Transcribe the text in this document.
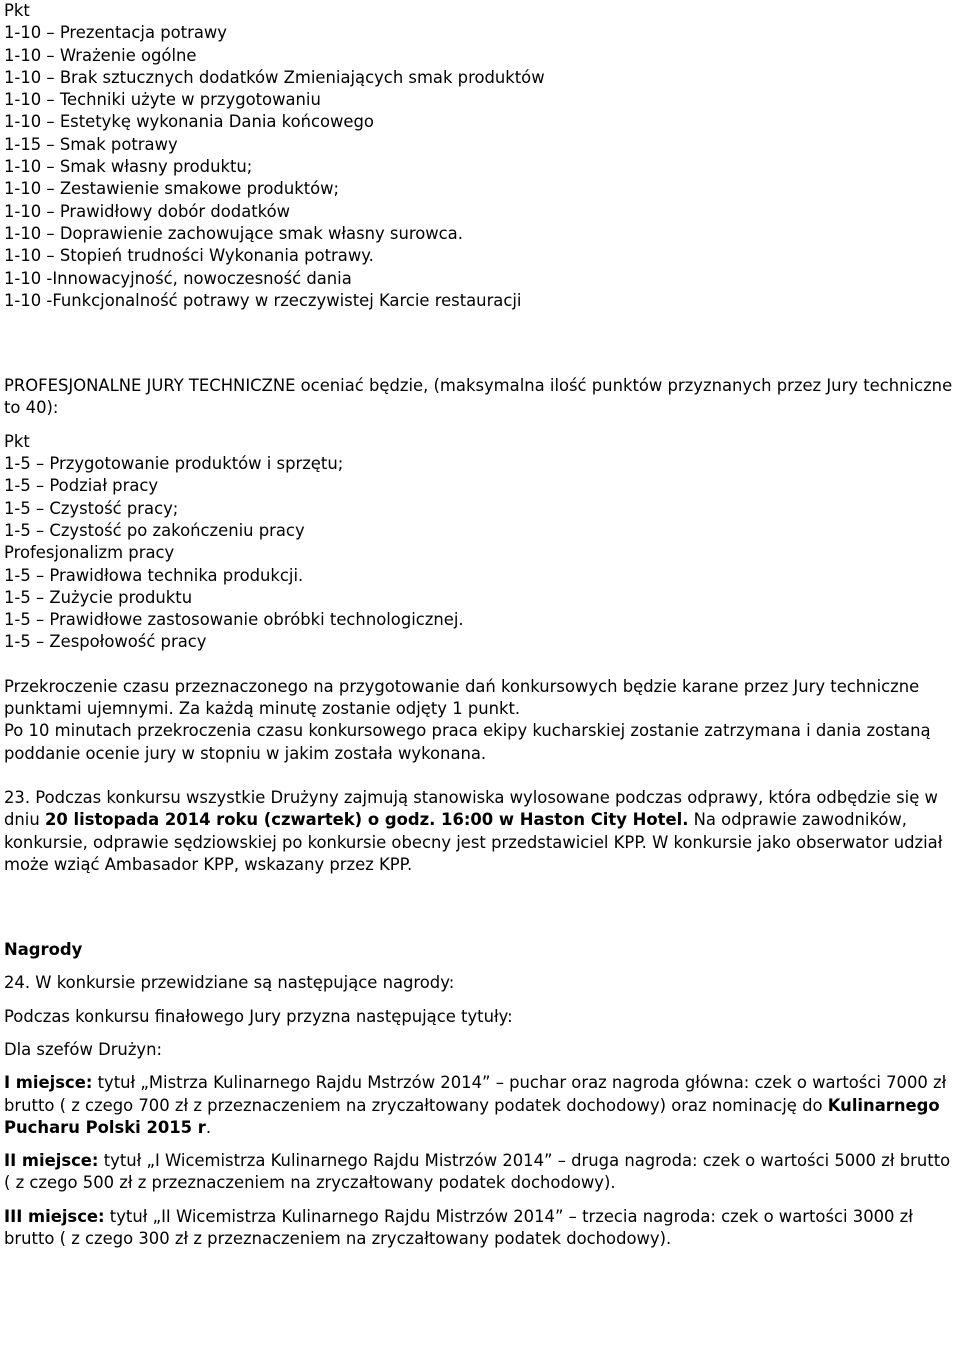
Pkt
1-10 – Prezentacja potrawy
1-10 – Wrażenie ogólne
1-10 – Brak sztucznych dodatków Zmieniających smak produktów
1-10 – Techniki użyte w przygotowaniu
1-10 – Estetykę wykonania Dania końcowego
1-15 – Smak potrawy
1-10 – Smak własny produktu;
1-10 – Zestawienie smakowe produktów;
1-10 – Prawidłowy dobór dodatków
1-10 – Doprawienie zachowujące smak własny surowca.
1-10 – Stopień trudności Wykonania potrawy.
1-10 -Innowacyjność, nowoczesność dania
1-10 -Funkcjonalność potrawy w rzeczywistej Karcie restauracji
PROFESJONALNE JURY TECHNICZNE oceniać będzie, (maksymalna ilość punktów przyznanych przez Jury techniczne to 40):
Pkt
1-5 – Przygotowanie produktów i sprzętu;
1-5 – Podział pracy
1-5 – Czystość pracy;
1-5 – Czystość po zakończeniu pracy
Profesjonalizm pracy
1-5 – Prawidłowa technika produkcji.
1-5 – Zużycie produktu
1-5 – Prawidłowe zastosowanie obróbki technologicznej.
1-5 – Zespołowość pracy
Przekroczenie czasu przeznaczonego na przygotowanie dań konkursowych będzie karane przez Jury techniczne punktami ujemnymi. Za każdą minutę zostanie odjęty 1 punkt.
Po 10 minutach przekroczenia czasu konkursowego praca ekipy kucharskiej zostanie zatrzymana i dania zostaną poddanie ocenie jury w stopniu w jakim została wykonana.
23. Podczas konkursu wszystkie Drużyny zajmują stanowiska wylosowane podczas odprawy, która odbędzie się w dniu 20 listopada 2014 roku (czwartek) o godz. 16:00 w Haston City Hotel. Na odprawie zawodników, konkursie, odprawie sędziowskiej po konkursie obecny jest przedstawiciel KPP. W konkursie jako obserwator udział może wziąć Ambasador KPP, wskazany przez KPP.
Nagrody
24. W konkursie przewidziane są następujące nagrody:
Podczas konkursu finałowego Jury przyzna następujące tytuły:
Dla szefów Drużyn:
I miejsce: tytuł „Mistrza Kulinarnego Rajdu Mstrzów 2014” – puchar oraz nagroda główna: czek o wartości 7000 zł brutto ( z czego 700 zł z przeznaczeniem na zryczałtowany podatek dochodowy) oraz nominację do Kulinarnego Pucharu Polski 2015 r.
II miejsce: tytuł „I Wicemistrza Kulinarnego Rajdu Mistrzów 2014” – druga nagroda: czek o wartości 5000 zł brutto ( z czego 500 zł z przeznaczeniem na zryczałtowany podatek dochodowy).
III miejsce: tytuł „II Wicemistrza Kulinarnego Rajdu Mistrzów 2014” – trzecia nagroda: czek o wartości 3000 zł brutto ( z czego 300 zł z przeznaczeniem na zryczałtowany podatek dochodowy).
